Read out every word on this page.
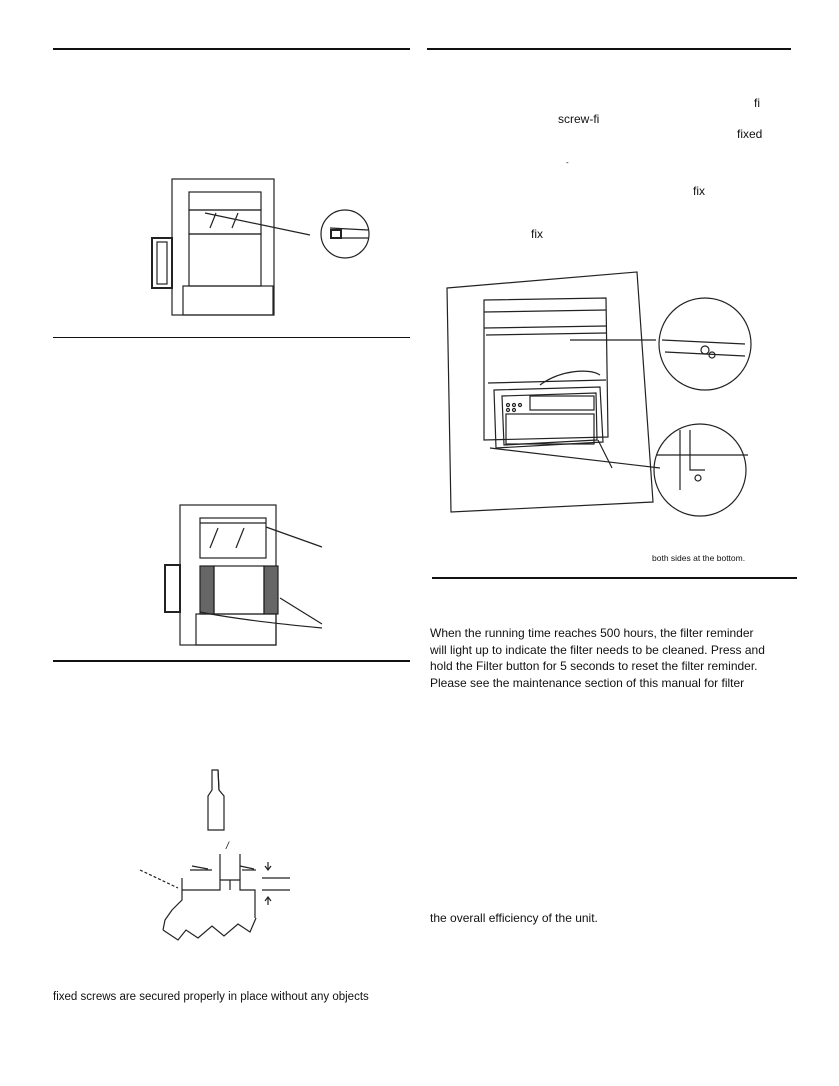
fi
screw-fi
fixed
-
fix
fix
/
both sides at the bottom.
When the running time reaches 500 hours, the filter reminder
will light up to indicate the filter needs to be cleaned. Press and
hold the Filter button for 5 seconds to reset the filter reminder.
Please see the maintenance section of this manual for filter
the overall efficiency of the unit.
fixed screws are secured properly in place without any objects
